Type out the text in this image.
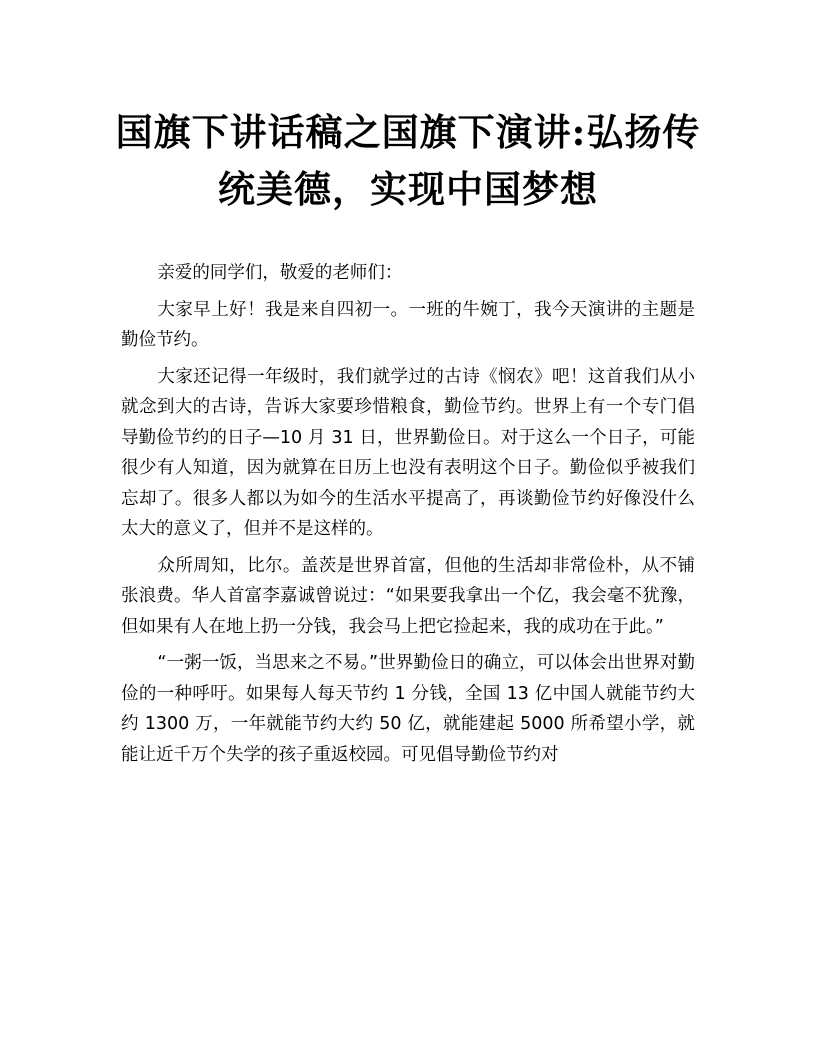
国旗下讲话稿之国旗下演讲:弘扬传统美德，实现中国梦想

亲爱的同学们，敬爱的老师们：

大家早上好！我是来自四初一。一班的牛婉丁，我今天演讲的主题是勤俭节约。

大家还记得一年级时，我们就学过的古诗《悯农》吧！这首我们从小就念到大的古诗，告诉大家要珍惜粮食，勤俭节约。世界上有一个专门倡导勤俭节约的日子—10 月 31 日，世界勤俭日。对于这么一个日子，可能很少有人知道，因为就算在日历上也没有表明这个日子。勤俭似乎被我们忘却了。很多人都以为如今的生活水平提高了，再谈勤俭节约好像没什么太大的意义了，但并不是这样的。

众所周知，比尔。盖茨是世界首富，但他的生活却非常俭朴，从不铺张浪费。华人首富李嘉诚曾说过：“如果要我拿出一个亿，我会毫不犹豫，但如果有人在地上扔一分钱，我会马上把它捡起来，我的成功在于此。”

“一粥一饭，当思来之不易。”世界勤俭日的确立，可以体会出世界对勤俭的一种呼吁。如果每人每天节约 1 分钱，全国 13 亿中国人就能节约大约 1300 万，一年就能节约大约 50 亿，就能建起 5000 所希望小学，就能让近千万个失学的孩子重返校园。可见倡导勤俭节约对
